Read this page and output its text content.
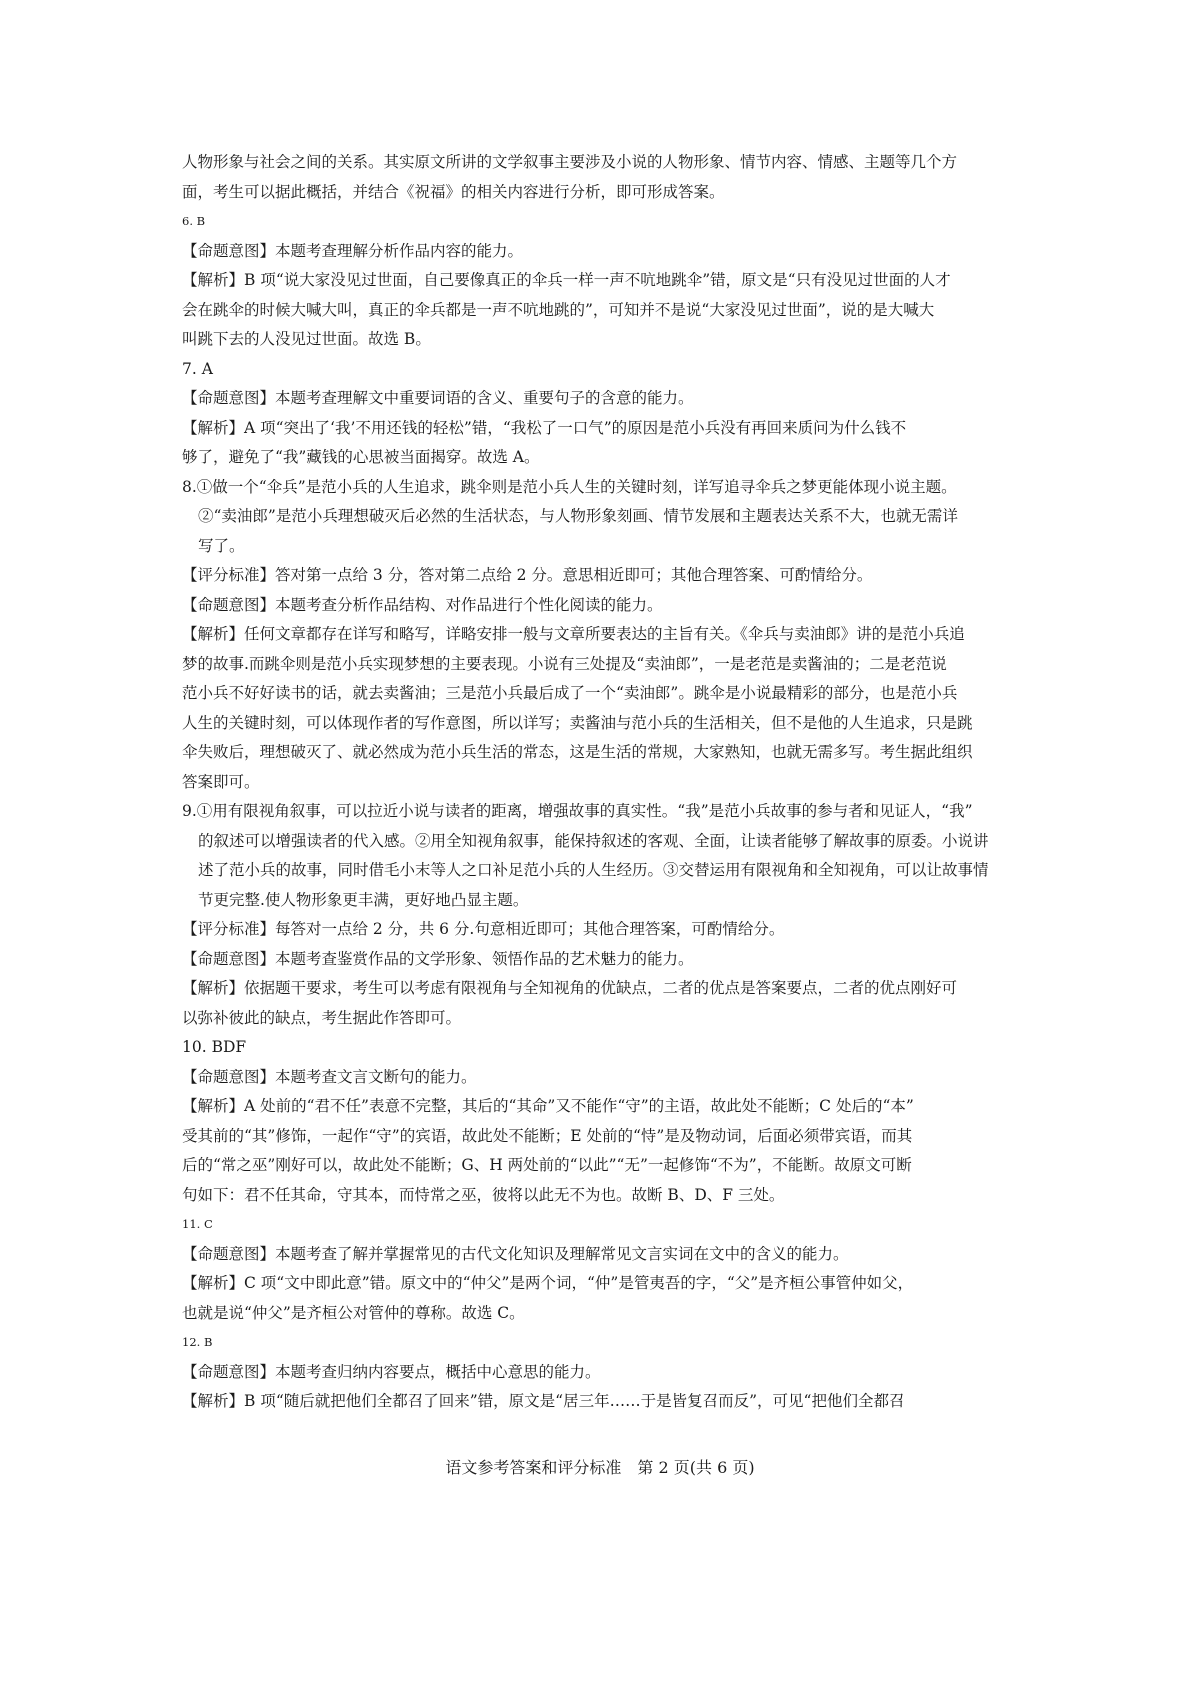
人物形象与社会之间的关系。其实原文所讲的文学叙事主要涉及小说的人物形象、情节内容、情感、主题等几个方
面，考生可以据此概括，并结合《祝福》的相关内容进行分析，即可形成答案。
6. B
【命题意图】本题考查理解分析作品内容的能力。
【解析】B 项“说大家没见过世面，自己要像真正的伞兵一样一声不吭地跳伞”错，原文是“只有没见过世面的人才
会在跳伞的时候大喊大叫，真正的伞兵都是一声不吭地跳的”，可知并不是说“大家没见过世面”，说的是大喊大
叫跳下去的人没见过世面。故选 B。
7. A
【命题意图】本题考查理解文中重要词语的含义、重要句子的含意的能力。
【解析】A 项“突出了‘我’不用还钱的轻松”错，“我松了一口气”的原因是范小兵没有再回来质问为什么钱不
够了，避免了“我”藏钱的心思被当面揭穿。故选 A。
8.①做一个“伞兵”是范小兵的人生追求，跳伞则是范小兵人生的关键时刻，详写追寻伞兵之梦更能体现小说主题。
②“卖油郎”是范小兵理想破灭后必然的生活状态，与人物形象刻画、情节发展和主题表达关系不大，也就无需详
写了。
【评分标准】答对第一点给 3 分，答对第二点给 2 分。意思相近即可；其他合理答案、可酌情给分。
【命题意图】本题考查分析作品结构、对作品进行个性化阅读的能力。
【解析】任何文章都存在详写和略写，详略安排一般与文章所要表达的主旨有关。《伞兵与卖油郎》讲的是范小兵追
梦的故事.而跳伞则是范小兵实现梦想的主要表现。小说有三处提及“卖油郎”，一是老范是卖酱油的；二是老范说
范小兵不好好读书的话，就去卖酱油；三是范小兵最后成了一个“卖油郎”。跳伞是小说最精彩的部分，也是范小兵
人生的关键时刻，可以体现作者的写作意图，所以详写；卖酱油与范小兵的生活相关，但不是他的人生追求，只是跳
伞失败后，理想破灭了、就必然成为范小兵生活的常态，这是生活的常规，大家熟知，也就无需多写。考生据此组织
答案即可。
9.①用有限视角叙事，可以拉近小说与读者的距离，增强故事的真实性。“我”是范小兵故事的参与者和见证人，“我”
的叙述可以增强读者的代入感。②用全知视角叙事，能保持叙述的客观、全面，让读者能够了解故事的原委。小说讲
述了范小兵的故事，同时借毛小末等人之口补足范小兵的人生经历。③交替运用有限视角和全知视角，可以让故事情
节更完整.使人物形象更丰满，更好地凸显主题。
【评分标准】每答对一点给 2 分，共 6 分.句意相近即可；其他合理答案，可酌情给分。
【命题意图】本题考查鉴赏作品的文学形象、领悟作品的艺术魅力的能力。
【解析】依据题干要求，考生可以考虑有限视角与全知视角的优缺点，二者的优点是答案要点，二者的优点刚好可
以弥补彼此的缺点，考生据此作答即可。
10. BDF
【命题意图】本题考查文言文断句的能力。
【解析】A 处前的“君不任”表意不完整，其后的“其命”又不能作“守”的主语，故此处不能断；C 处后的“本”
受其前的“其”修饰，一起作“守”的宾语，故此处不能断；E 处前的“恃”是及物动词，后面必须带宾语，而其
后的“常之巫”刚好可以，故此处不能断；G、H 两处前的“以此”“无”一起修饰“不为”，不能断。故原文可断
句如下：君不任其命，守其本，而恃常之巫，彼将以此无不为也。故断 B、D、F 三处。
11. C
【命题意图】本题考查了解并掌握常见的古代文化知识及理解常见文言实词在文中的含义的能力。
【解析】C 项“文中即此意”错。原文中的“仲父”是两个词，“仲”是管夷吾的字，“父”是齐桓公事管仲如父，
也就是说“仲父”是齐桓公对管仲的尊称。故选 C。
12. B
【命题意图】本题考查归纳内容要点，概括中心意思的能力。
【解析】B 项“随后就把他们全都召了回来”错，原文是“居三年……于是皆复召而反”，可见“把他们全都召
语文参考答案和评分标准　第 2 页(共 6 页)
